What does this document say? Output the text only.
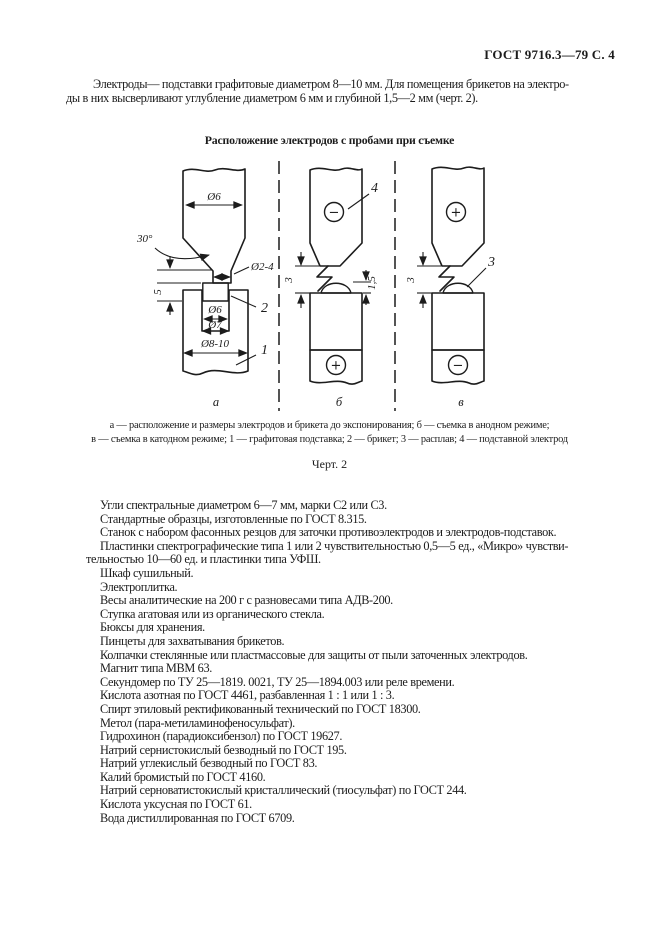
ГОСТ 9716.3—79 С. 4
Электроды— подставки графитовые диаметром 8—10 мм. Для помещения брикетов на электро-
ды в них высверливают углубление диаметром 6 мм и глубиной 1,5—2 мм (черт. 2).
Расположение электродов с пробами при съемке
Ø6
30°
Ø2-4
5
Ø6
Ø7
Ø8-10
2
1
а
−
4
3	1,5
+
б
+
3
3
−
в
а — расположение и размеры электродов и брикета до экспонирования; б — съемка в анодном режиме;
в — съемка в катодном режиме; 1 — графитовая подставка; 2 — брикет; 3 — расплав; 4 — подставной электрод
Черт. 2
Угли спектральные диаметром 6—7 мм, марки С2 или С3.
Стандартные образцы, изготовленные по ГОСТ 8.315.
Станок с набором фасонных резцов для заточки противоэлектродов и электродов-подставок.
Пластинки спектрографические типа 1 или 2 чувствительностью 0,5—5 ед., «Микро» чувстви-
тельностью 10—60 ед. и пластинки типа УФШ.
Шкаф сушильный.
Электроплитка.
Весы аналитические на 200 г с разновесами типа АДВ-200.
Ступка агатовая или из органического стекла.
Бюксы для хранения.
Пинцеты для захватывания брикетов.
Колпачки стеклянные или пластмассовые для защиты от пыли заточенных электродов.
Магнит типа МВМ 63.
Секундомер по ТУ 25—1819. 0021, ТУ 25—1894.003 или реле времени.
Кислота азотная по ГОСТ 4461, разбавленная 1 : 1 или 1 : 3.
Спирт этиловый ректификованный технический по ГОСТ 18300.
Метол (пара-метиламинофеносульфат).
Гидрохинон (парадиоксибензол) по ГОСТ 19627.
Натрий сернистокислый безводный по ГОСТ 195.
Натрий углекислый безводный по ГОСТ 83.
Калий бромистый по ГОСТ 4160.
Натрий серноватистокислый кристаллический (тиосульфат) по ГОСТ 244.
Кислота уксусная по ГОСТ 61.
Вода дистиллированная по ГОСТ 6709.
